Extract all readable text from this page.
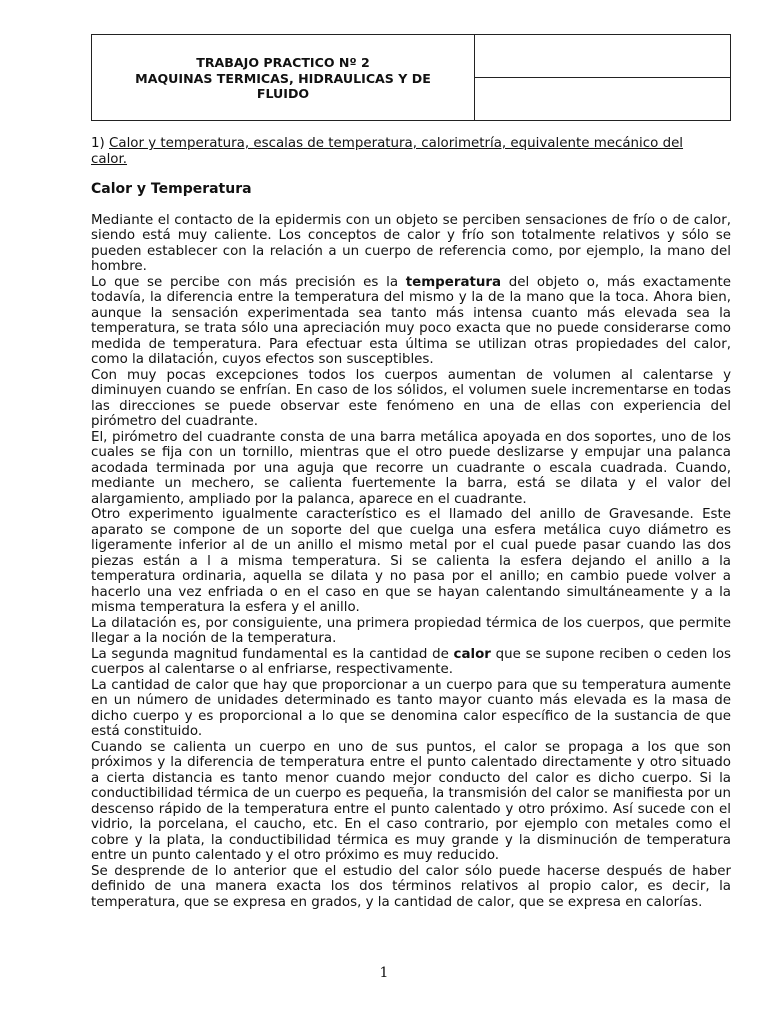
TRABAJO PRACTICO Nº 2
MAQUINAS TERMICAS, HIDRAULICAS Y DE
FLUIDO

1) Calor y temperatura, escalas de temperatura, calorimetría, equivalente mecánico del
calor.

Calor y Temperatura

Mediante el contacto de la epidermis con un objeto se perciben sensaciones de frío o de calor, siendo está muy caliente. Los conceptos de calor y frío son totalmente relativos y sólo se pueden establecer con la relación a un cuerpo de referencia como, por ejemplo, la mano del hombre.

Lo que se percibe con más precisión es la temperatura del objeto o, más exactamente todavía, la diferencia entre la temperatura del mismo y la de la mano que la toca. Ahora bien, aunque la sensación experimentada sea tanto más intensa cuanto más elevada sea la temperatura, se trata sólo una apreciación muy poco exacta que no puede considerarse como medida de temperatura. Para efectuar esta última se utilizan otras propiedades del calor, como la dilatación, cuyos efectos son susceptibles.

Con muy pocas excepciones todos los cuerpos aumentan de volumen al calentarse y diminuyen cuando se enfrían. En caso de los sólidos, el volumen suele incrementarse en todas las direcciones se puede observar este fenómeno en una de ellas con experiencia del pirómetro del cuadrante.

El, pirómetro del cuadrante consta de una barra metálica apoyada en dos soportes, uno de los cuales se fija con un tornillo, mientras que el otro puede deslizarse y empujar una palanca acodada terminada por una aguja que recorre un cuadrante o escala cuadrada. Cuando, mediante un mechero, se calienta fuertemente la barra, está se dilata y el valor del alargamiento, ampliado por la palanca, aparece en el cuadrante.

Otro experimento igualmente característico es el llamado del anillo de Gravesande. Este aparato se compone de un soporte del que cuelga una esfera metálica cuyo diámetro es ligeramente inferior al de un anillo el mismo metal por el cual puede pasar cuando las dos piezas están a l a misma temperatura. Si se calienta la esfera dejando el anillo a la temperatura ordinaria, aquella se dilata y no pasa por el anillo; en cambio puede volver a hacerlo una vez enfriada o en el caso en que se hayan calentando simultáneamente y a la misma temperatura la esfera y el anillo.

La dilatación es, por consiguiente, una primera propiedad térmica de los cuerpos, que permite llegar a la noción de la temperatura.

La segunda magnitud fundamental es la cantidad de calor que se supone reciben o ceden los cuerpos al calentarse o al enfriarse, respectivamente.

La cantidad de calor que hay que proporcionar a un cuerpo para que su temperatura aumente en un número de unidades determinado es tanto mayor cuanto más elevada es la masa de dicho cuerpo y es proporcional a lo que se denomina calor específico de la sustancia de que está constituido.

Cuando se calienta un cuerpo en uno de sus puntos, el calor se propaga a los que son próximos y la diferencia de temperatura entre el punto calentado directamente y otro situado a cierta distancia es tanto menor cuando mejor conducto del calor es dicho cuerpo. Si la conductibilidad térmica de un cuerpo es pequeña, la transmisión del calor se manifiesta por un descenso rápido de la temperatura entre el punto calentado y otro próximo. Así sucede con el vidrio, la porcelana, el caucho, etc. En el caso contrario, por ejemplo con metales como el cobre y la plata, la conductibilidad térmica es muy grande y la disminución de temperatura entre un punto calentado y el otro próximo es muy reducido.

Se desprende de lo anterior que el estudio del calor sólo puede hacerse después de haber definido de una manera exacta los dos términos relativos al propio calor, es decir, la temperatura, que se expresa en grados, y la cantidad de calor, que se expresa en calorías.

1
